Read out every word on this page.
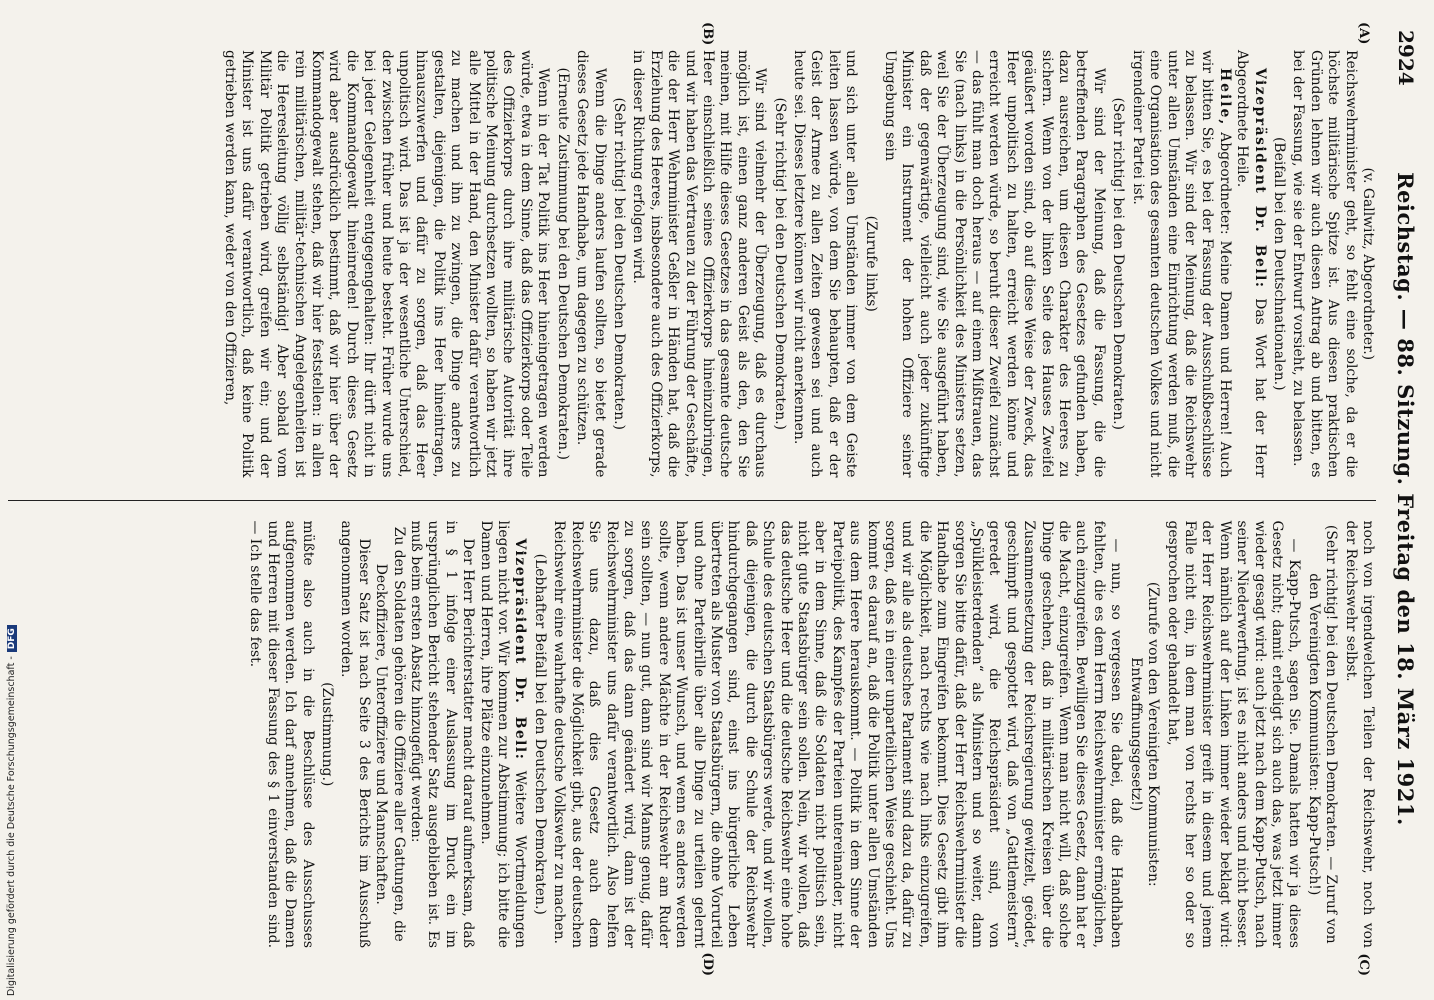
2924
Reichstag. — 88. Sitzung. Freitag den 18. März 1921.
(A)
(B)

(v. Gallwitz, Abgeordneter.)

Reichswehrminister geht, so fehlt eine solche, da er die höchste militärische Spitze ist. Aus diesen praktischen Gründen lehnen wir auch diesen Antrag ab und bitten, es bei der Fassung, wie sie der Entwurf vorsieht, zu belassen.

(Beifall bei den Deutschnationalen.)

Vizepräsident Dr. Bell: Das Wort hat der Herr Abgeordnete Heile.

Heile, Abgeordneter: Meine Damen und Herren! Auch wir bitten Sie, es bei der Fassung der Ausschußbeschlüsse zu belassen. Wir sind der Meinung, daß die Reichswehr unter allen Umständen eine Einrichtung werden muß, die eine Organisation des gesamten deutschen Volkes und nicht irgendeiner Partei ist.

(Sehr richtig! bei den Deutschen Demokraten.)

Wir sind der Meinung, daß die Fassung, die die betreffenden Paragraphen des Gesetzes gefunden haben, dazu ausreichen, um diesen Charakter des Heeres zu sichern. Wenn von der linken Seite des Hauses Zweifel geäußert worden sind, ob auf diese Weise der Zweck, das Heer unpolitisch zu halten, erreicht werden könne und erreicht werden würde, so beruht dieser Zweifel zunächst — das fühlt man doch heraus — auf einem Mißtrauen, das Sie (nach links) in die Persönlichkeit des Ministers setzen, weil Sie der Überzeugung sind, wie Sie ausgeführt haben, daß der gegenwärtige, vielleicht auch jeder zukünftige Minister ein Instrument der hohen Offiziere seiner Umgebung sein

(Zurufe links)

und sich unter allen Umständen immer von dem Geiste leiten lassen würde, von dem Sie behaupten, daß er der Geist der Armee zu allen Zeiten gewesen sei und auch heute sei. Dieses letztere können wir nicht anerkennen.

(Sehr richtig! bei den Deutschen Demokraten.)

Wir sind vielmehr der Überzeugung, daß es durchaus möglich ist, einen ganz anderen Geist als den, den Sie meinen, mit Hilfe dieses Gesetzes in das gesamte deutsche Heer einschließlich seines Offizierkorps hineinzubringen, und wir haben das Vertrauen zu der Führung der Geschäfte, die der Herr Wehrminister Geßler in Händen hat, daß die Erziehung des Heeres, insbesondere auch des Offizierkorps, in dieser Richtung erfolgen wird.

(Sehr richtig! bei den Deutschen Demokraten.)

Wenn die Dinge anders laufen sollten, so bietet gerade dieses Gesetz jede Handhabe, um dagegen zu schützen.

(Erneute Zustimmung bei den Deutschen Demokraten.)

Wenn in der Tat Politik ins Heer hineingetragen werden würde, etwa in dem Sinne, daß das Offizierkorps oder Teile des Offizierkorps durch ihre militärische Autorität ihre politische Meinung durchsetzen wollten, so haben wir jetzt alle Mittel in der Hand, den Minister dafür verantwortlich zu machen und ihn zu zwingen, die Dinge anders zu gestalten, diejenigen, die Politik ins Heer hineintragen, hinauszuwerfen und dafür zu sorgen, daß das Heer unpolitisch wird. Das ist ja der wesentliche Unterschied, der zwischen früher und heute besteht. Früher wurde uns bei jeder Gelegenheit entgegengehalten: Ihr dürft nicht in die Kommandogewalt hineinreden! Durch dieses Gesetz wird aber ausdrücklich bestimmt, daß wir hier über der Kommandogewalt stehen, daß wir hier feststellen: in allen rein militärischen, militär-technischen Angelegenheiten ist die Heeresleitung völlig selbständig! Aber sobald vom Militär Politik getrieben wird, greifen wir ein; und der Minister ist uns dafür verantwortlich, daß keine Politik getrieben werden kann, weder von den Offizieren,

(C)
(D)

noch von irgendwelchen Teilen der Reichswehr, noch von der Reichswehr selbst.

(Sehr richtig! bei den Deutschen Demokraten. — Zuruf von den Vereinigten Kommunisten: Kapp-Putsch!)

— Kapp-Putsch, sagen Sie. Damals hatten wir ja dieses Gesetz nicht; damit erledigt sich auch das, was jetzt immer wieder gesagt wird: auch jetzt nach dem Kapp-Putsch, nach seiner Niederwerfung, ist es nicht anders und nicht besser. Wenn nämlich auf der Linken immer wieder beklagt wird: der Herr Reichswehrminister greift in diesem und jenem Falle nicht ein, in dem man von rechts her so oder so gesprochen oder gehandelt hat,

(Zurufe von den Vereinigten Kommunisten: Entwaffnungsgesetz!)

— nun, so vergessen Sie dabei, daß die Handhaben fehlten, die es dem Herrn Reichswehrminister ermöglichen, auch einzugreifen. Bewilligen Sie dieses Gesetz, dann hat er die Macht, einzugreifen. Wenn man nicht will, daß solche Dinge geschehen, daß in militärischen Kreisen über die Zusammensetzung der Reichsregierung gewitzelt, geödet, geschimpft und gespottet wird, daß von „Gattlemeistern“ geredet wird, die Reichspräsident sind, von „Spülkleisterdenden“ als Ministern und so weiter, dann sorgen Sie bitte dafür, daß der Herr Reichswehrminister die Handhabe zum Eingreifen bekommt. Dies Gesetz gibt ihm die Möglichkeit, nach rechts wie nach links einzugreifen, und wir alle als deutsches Parlament sind dazu da, dafür zu sorgen, daß es in einer unparteilichen Weise geschieht. Uns kommt es darauf an, daß die Politik unter allen Umständen aus dem Heere herauskommt. — Politik in dem Sinne der Parteipolitik, des Kampfes der Parteien untereinander, nicht aber in dem Sinne, daß die Soldaten nicht politisch sein, nicht gute Staatsbürger sein sollen. Nein, wir wollen, daß das deutsche Heer und die deutsche Reichswehr eine hohe Schule des deutschen Staatsbürgers werde, und wir wollen, daß diejenigen, die durch die Schule der Reichswehr hindurchgegangen sind, einst ins bürgerliche Leben übertreten als Muster von Staatsbürgern, die ohne Vorurteil und ohne Parteibrille über alle Dinge zu urteilen gelernt haben. Das ist unser Wunsch, und wenn es anders werden sollte, wenn andere Mächte in der Reichswehr am Ruder sein sollten, — nun gut, dann sind wir Manns genug, dafür zu sorgen, daß das dann geändert wird, dann ist der Reichswehrminister uns dafür verantwortlich. Also helfen Sie uns dazu, daß dies Gesetz auch dem Reichswehrminister die Möglichkeit gibt, aus der deutschen Reichswehr eine wahrhafte deutsche Volkswehr zu machen.

(Lebhafter Beifall bei den Deutschen Demokraten.)

Vizepräsident Dr. Bell: Weitere Wortmeldungen liegen nicht vor. Wir kommen zur Abstimmung; ich bitte die Damen und Herren, ihre Plätze einzunehmen.

Der Herr Berichterstatter macht darauf aufmerksam, daß in § 1 infolge einer Auslassung im Druck ein im ursprünglichen Bericht stehender Satz ausgeblieben ist. Es muß beim ersten Absatz hinzugefügt werden:

Zu den Soldaten gehören die Offiziere aller Gattungen, die Deckoffiziere, Unteroffiziere und Mannschaften.

Dieser Satz ist nach Seite 3 des Berichts im Ausschuß angenommen worden.

(Zustimmung.)

müßte also auch in die Beschlüsse des Ausschusses aufgenommen werden. Ich darf annehmen, daß die Damen und Herren mit dieser Fassung des § 1 einverstanden sind. — Ich stelle das fest.

Digitalisierung gefördert durch die Deutsche Forschungsgemeinschaft -DFG
